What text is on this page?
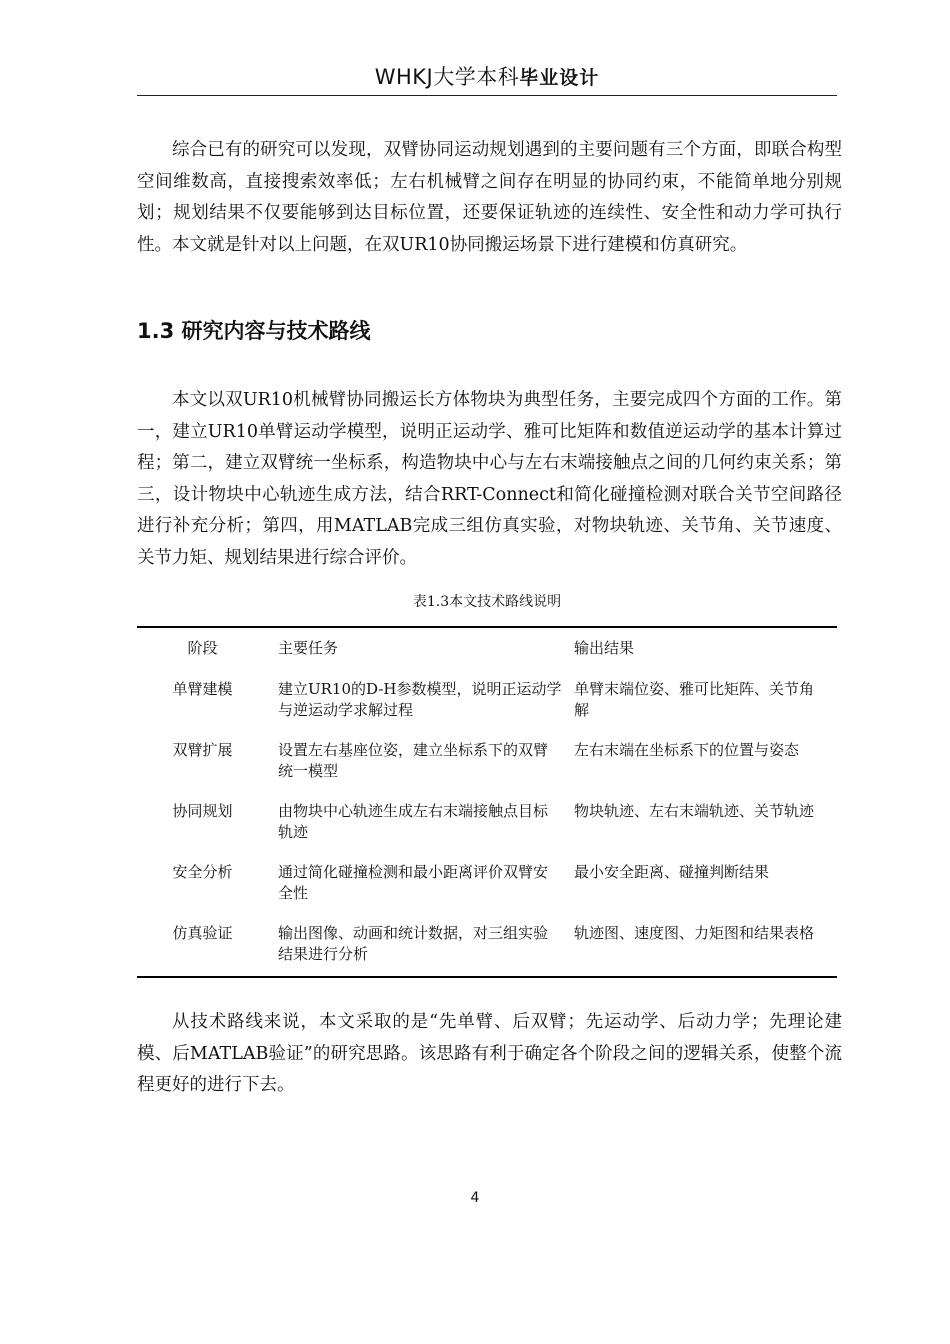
WHKJ大学本科毕业设计

综合已有的研究可以发现，双臂协同运动规划遇到的主要问题有三个方面，即联合构型空间维数高，直接搜索效率低；左右机械臂之间存在明显的协同约束，不能简单地分别规划；规划结果不仅要能够到达目标位置，还要保证轨迹的连续性、安全性和动力学可执行性。本文就是针对以上问题，在双UR10协同搬运场景下进行建模和仿真研究。

1.3 研究内容与技术路线

本文以双UR10机械臂协同搬运长方体物块为典型任务，主要完成四个方面的工作。第一，建立UR10单臂运动学模型，说明正运动学、雅可比矩阵和数值逆运动学的基本计算过程；第二，建立双臂统一坐标系，构造物块中心与左右末端接触点之间的几何约束关系；第三，设计物块中心轨迹生成方法，结合RRT-Connect和简化碰撞检测对联合关节空间路径进行补充分析；第四，用MATLAB完成三组仿真实验，对物块轨迹、关节角、关节速度、关节力矩、规划结果进行综合评价。

表1.3本文技术路线说明
阶段	主要任务	输出结果
单臂建模	建立UR10的D-H参数模型，说明正运动学与逆运动学求解过程	单臂末端位姿、雅可比矩阵、关节角解
双臂扩展	设置左右基座位姿，建立坐标系下的双臂统一模型	左右末端在坐标系下的位置与姿态
协同规划	由物块中心轨迹生成左右末端接触点目标轨迹	物块轨迹、左右末端轨迹、关节轨迹
安全分析	通过简化碰撞检测和最小距离评价双臂安全性	最小安全距离、碰撞判断结果
仿真验证	输出图像、动画和统计数据，对三组实验结果进行分析	轨迹图、速度图、力矩图和结果表格

从技术路线来说，本文采取的是“先单臂、后双臂；先运动学、后动力学；先理论建模、后MATLAB验证”的研究思路。该思路有利于确定各个阶段之间的逻辑关系，使整个流程更好的进行下去。

4
